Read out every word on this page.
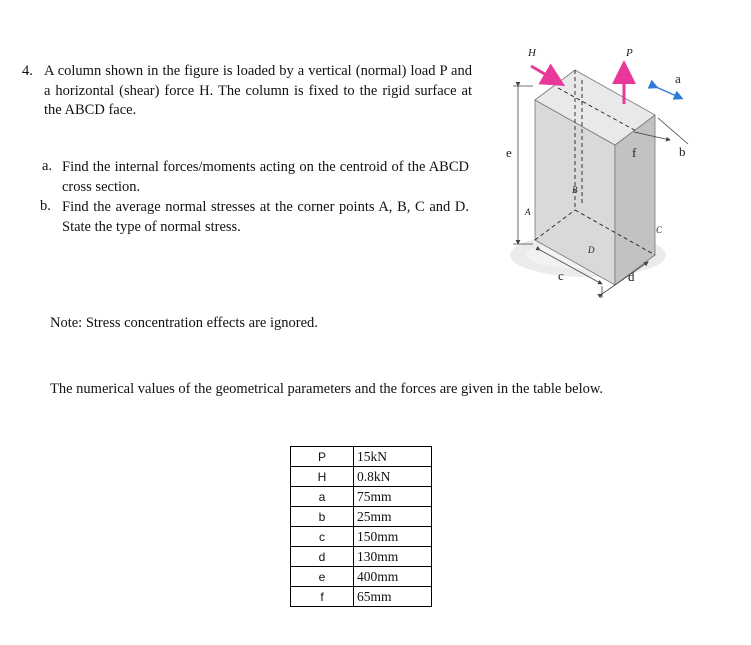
4. A column shown in the figure is loaded by a vertical (normal) load P and a horizontal (shear) force H. The column is fixed to the rigid surface at the ABCD face.
a. Find the internal forces/moments acting on the centroid of the ABCD cross section.
b. Find the average normal stresses at the corner points A, B, C and D. State the type of normal stress.
Note: Stress concentration effects are ignored.
The numerical values of the geometrical parameters and the forces are given in the table below.
P	15kN
H	0.8kN
a	75mm
b	25mm
c	150mm
d	130mm
e	400mm
f	65mm
H	P
a
b
e	f
A
B
C
D
c	d
